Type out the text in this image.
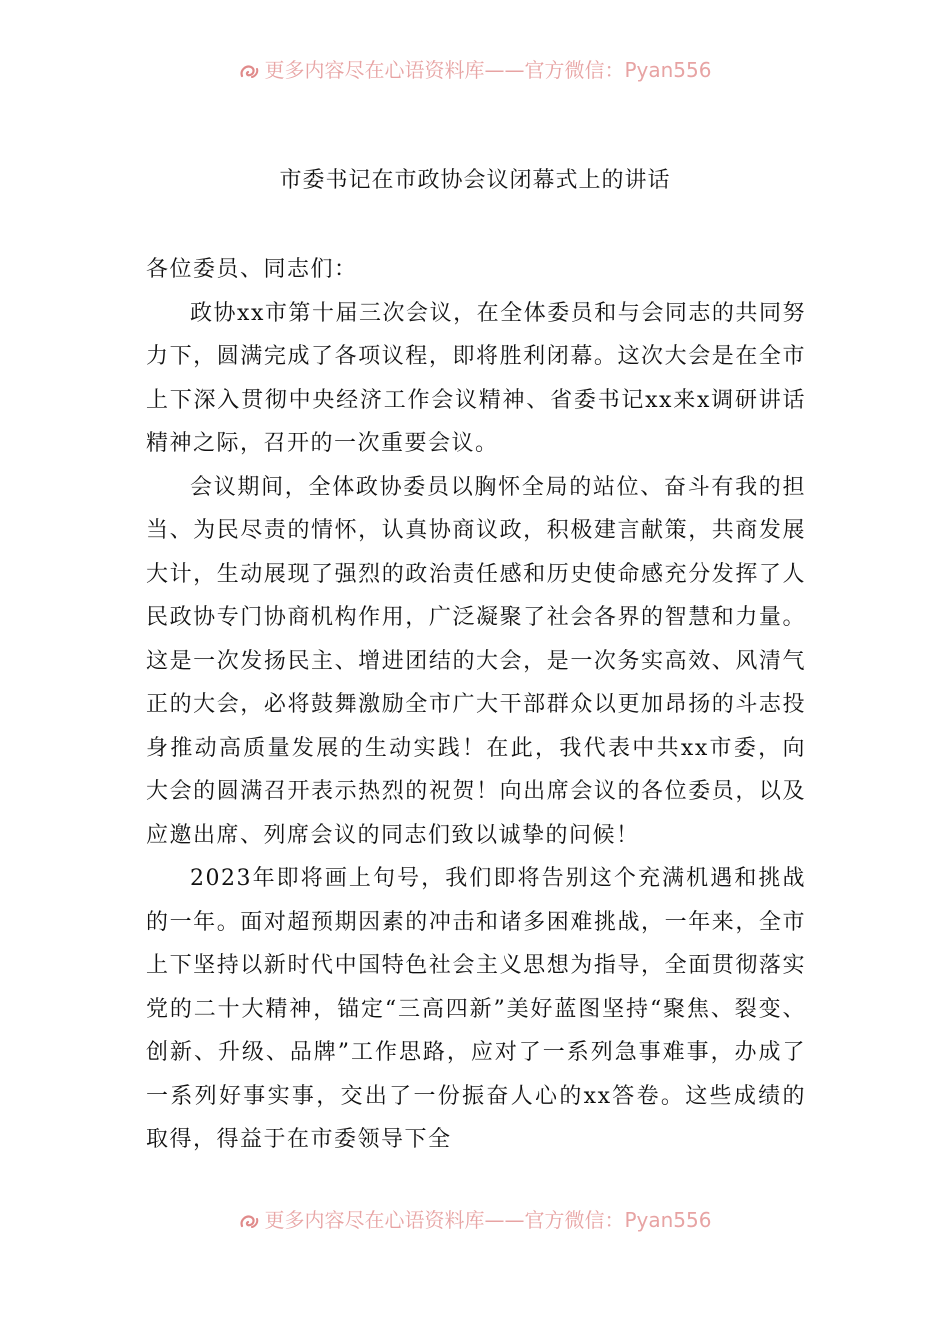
更多内容尽在心语资料库——官方微信：Pyan556
市委书记在市政协会议闭幕式上的讲话

各位委员、同志们：

政协xx市第十届三次会议，在全体委员和与会同志的共同努力下，圆满完成了各项议程，即将胜利闭幕。这次大会是在全市上下深入贯彻中央经济工作会议精神、省委书记xx来x调研讲话精神之际，召开的一次重要会议。

会议期间，全体政协委员以胸怀全局的站位、奋斗有我的担当、为民尽责的情怀，认真协商议政，积极建言献策，共商发展大计，生动展现了强烈的政治责任感和历史使命感充分发挥了人民政协专门协商机构作用，广泛凝聚了社会各界的智慧和力量。这是一次发扬民主、增进团结的大会，是一次务实高效、风清气正的大会，必将鼓舞激励全市广大干部群众以更加昂扬的斗志投身推动高质量发展的生动实践！在此，我代表中共xx市委，向大会的圆满召开表示热烈的祝贺！向出席会议的各位委员，以及应邀出席、列席会议的同志们致以诚挚的问候！

2023年即将画上句号，我们即将告别这个充满机遇和挑战的一年。面对超预期因素的冲击和诸多困难挑战，一年来，全市上下坚持以新时代中国特色社会主义思想为指导，全面贯彻落实党的二十大精神，锚定“三高四新”美好蓝图坚持“聚焦、裂变、创新、升级、品牌”工作思路，应对了一系列急事难事，办成了一系列好事实事，交出了一份振奋人心的xx答卷。这些成绩的取得，得益于在市委领导下全

更多内容尽在心语资料库——官方微信：Pyan556
